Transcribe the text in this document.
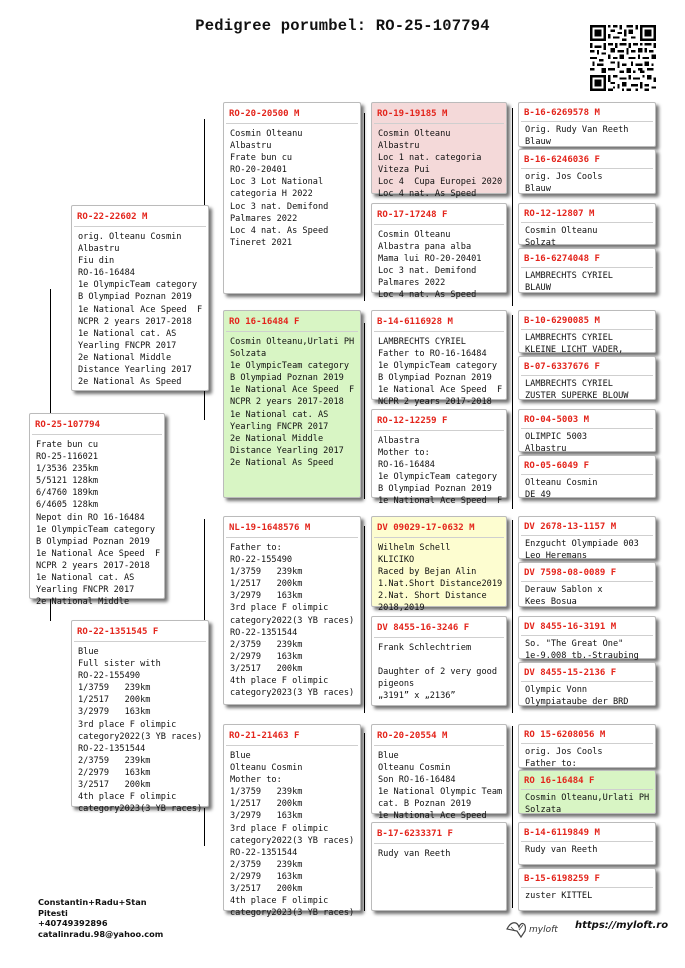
Pedigree porumbel: RO-25-107794
RO-25-107794
Frate bun cu
RO-25-116021
1/3536 235km
5/5121 128km
6/4760 189km
6/4605 128km
Nepot din RO 16-16484
1e OlympicTeam category
B Olympiad Poznan 2019
1e National Ace Speed  F
NCPR 2 years 2017-2018
1e National cat. AS
Yearling FNCPR 2017
2e National Middle
RO-22-22602 M
orig. Olteanu Cosmin
Albastru
Fiu din
RO-16-16484
1e OlympicTeam category
B Olympiad Poznan 2019
1e National Ace Speed  F
NCPR 2 years 2017-2018
1e National cat. AS
Yearling FNCPR 2017
2e National Middle
Distance Yearling 2017
2e National As Speed
RO-22-1351545 F
Blue
Full sister with
RO-22-155490
1/3759   239km
1/2517   200km
3/2979   163km
3rd place F olimpic
category2022(3 YB races)
RO-22-1351544
2/3759   239km
2/2979   163km
3/2517   200km
4th place F olimpic
category2023(3 YB races)
RO-20-20500 M
Cosmin Olteanu
Albastru
Frate bun cu
RO-20-20401
Loc 3 Lot National
categoria H 2022
Loc 3 nat. Demifond
Palmares 2022
Loc 4 nat. As Speed
Tineret 2021
RO 16-16484 F
Cosmin Olteanu,Urlati PH
Solzata
1e OlympicTeam category
B Olympiad Poznan 2019
1e National Ace Speed  F
NCPR 2 years 2017-2018
1e National cat. AS
Yearling FNCPR 2017
2e National Middle
Distance Yearling 2017
2e National As Speed
NL-19-1648576 M
Father to:
RO-22-155490
1/3759   239km
1/2517   200km
3/2979   163km
3rd place F olimpic
category2022(3 YB races)
RO-22-1351544
2/3759   239km
2/2979   163km
3/2517   200km
4th place F olimpic
category2023(3 YB races)
RO-21-21463 F
Blue
Olteanu Cosmin
Mother to:
1/3759   239km
1/2517   200km
3/2979   163km
3rd place F olimpic
category2022(3 YB races)
RO-22-1351544
2/3759   239km
2/2979   163km
3/2517   200km
4th place F olimpic
category2023(3 YB races)
RO-19-19185 M
Cosmin Olteanu
Albastru
Loc 1 nat. categoria
Viteza Pui
Loc 4  Cupa Europei 2020
Loc 4 nat. As Speed
RO-17-17248 F
Cosmin Olteanu
Albastra pana alba
Mama lui RO-20-20401
Loc 3 nat. Demifond
Palmares 2022
Loc 4 nat. As Speed
B-14-6116928 M
LAMBRECHTS CYRIEL
Father to RO-16-16484
1e OlympicTeam category
B Olympiad Poznan 2019
1e National Ace Speed  F
NCPR 2 years 2017-2018
RO-12-12259 F
Albastra
Mother to:
RO-16-16484
1e OlympicTeam category
B Olympiad Poznan 2019
1e National Ace Speed  F
DV 09029-17-0632 M
Wilhelm Schell
KLICIKO
Raced by Bejan Alin
1.Nat.Short Distance2019
2.Nat. Short Distance
2018,2019
DV 8455-16-3246 F
Frank Schlechtriem

Daughter of 2 very good
pigeons
„3191” x „2136”
RO-20-20554 M
Blue
Olteanu Cosmin
Son RO-16-16484
1e National Olympic Team
cat. B Poznan 2019
1e National Ace Speed
B-17-6233371 F
Rudy van Reeth
B-16-6269578 M
Orig. Rudy Van Reeth
Blauw
B-16-6246036 F
orig. Jos Cools
Blauw
RO-12-12807 M
Cosmin Olteanu
Solzat
B-16-6274048 F
LAMBRECHTS CYRIEL
BLAUW
B-10-6290085 M
LAMBRECHTS CYRIEL
KLEINE LICHT VADER,
B-07-6337676 F
LAMBRECHTS CYRIEL
ZUSTER SUPERKE BLOUW
RO-04-5003 M
OLIMPIC 5003
Albastru
RO-05-6049 F
Olteanu Cosmin
DE 49
DV 2678-13-1157 M
Enzgucht Olympiade 003
Leo Heremans
DV 7598-08-0089 F
Derauw Sablon x
Kees Bosua
DV 8455-16-3191 M
So. "The Great One"
1e-9.008 tb.-Straubing
DV 8455-15-2136 F
Olympic Vonn
Olympiataube der BRD
RO 15-6208056 M
orig. Jos Cools
Father to:
RO 16-16484 F
Cosmin Olteanu,Urlati PH
Solzata
B-14-6119849 M
Rudy van Reeth
B-15-6198259 F
zuster KITTEL
Constantin+Radu+Stan
Pitesti
+40749392896
catalinradu.98@yahoo.com	myloft https://myloft.ro
